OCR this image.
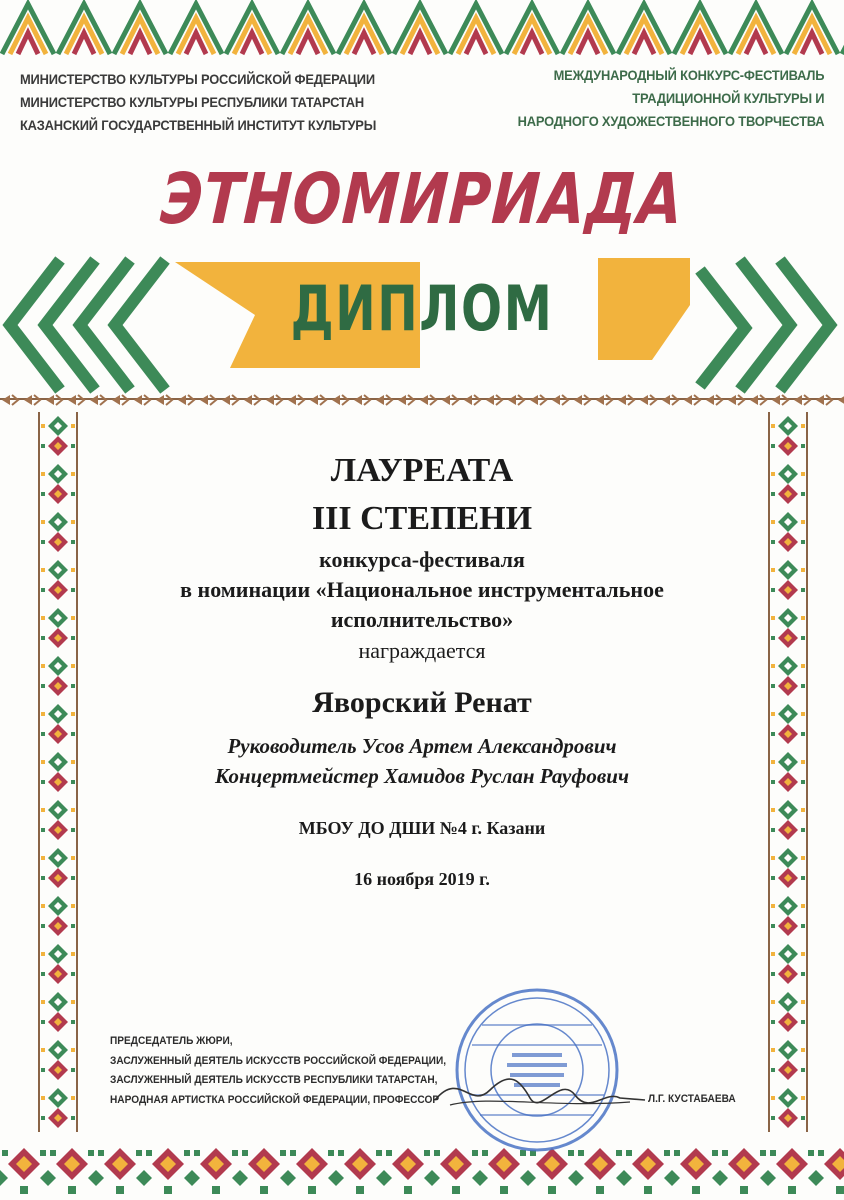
МИНИСТЕРСТВО КУЛЬТУРЫ РОССИЙСКОЙ ФЕДЕРАЦИИ
МИНИСТЕРСТВО КУЛЬТУРЫ РЕСПУБЛИКИ ТАТАРСТАН
КАЗАНСКИЙ ГОСУДАРСТВЕННЫЙ ИНСТИТУТ КУЛЬТУРЫ
МЕЖДУНАРОДНЫЙ КОНКУРС-ФЕСТИВАЛЬ
ТРАДИЦИОННОЙ КУЛЬТУРЫ И
НАРОДНОГО ХУДОЖЕСТВЕННОГО ТВОРЧЕСТВА
ЭТНОМИРИАДА
ДИПЛОМ
ЛАУРЕАТА
III СТЕПЕНИ
конкурса-фестиваля
в номинации «Национальное инструментальное
исполнительство»
награждается
Яворский Ренат
Руководитель Усов Артем Александрович
Концертмейстер Хамидов Руслан Рауфович
МБОУ ДО ДШИ №4 г. Казани
16 ноября 2019 г.
ПРЕДСЕДАТЕЛЬ ЖЮРИ,
ЗАСЛУЖЕННЫЙ ДЕЯТЕЛЬ ИСКУССТВ РОССИЙСКОЙ ФЕДЕРАЦИИ,
ЗАСЛУЖЕННЫЙ ДЕЯТЕЛЬ ИСКУССТВ РЕСПУБЛИКИ ТАТАРСТАН,
НАРОДНАЯ АРТИСТКА РОССИЙСКОЙ ФЕДЕРАЦИИ, ПРОФЕССОР	Л.Г. КУСТАБАЕВА
